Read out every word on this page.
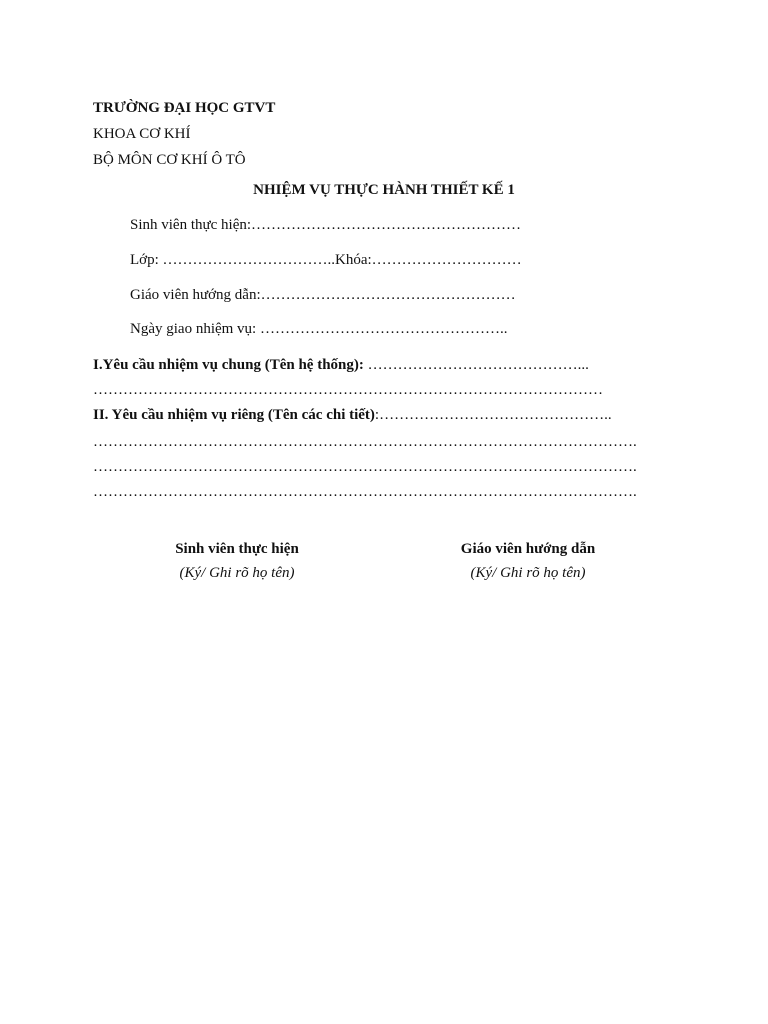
TRƯỜNG ĐẠI HỌC GTVT
KHOA CƠ KHÍ
BỘ MÔN CƠ KHÍ Ô TÔ
NHIỆM VỤ THỰC HÀNH THIẾT KẾ 1
Sinh viên thực hiện:………………………………………………
Lớp: ……………………………..Khóa:…………………………
Giáo viên hướng dẫn:……………………………………………
Ngày giao nhiệm vụ: …………………………………………..
I.Yêu cầu nhiệm vụ chung (Tên hệ thống): ……………………………………...
…………………………………………………………………………………………
II. Yêu cầu nhiệm vụ riêng (Tên các chi tiết):………………………………………..
……………………………………………………………………………………………….
……………………………………………………………………………………………….
……………………………………………………………………………………………….
Sinh viên thực hiện
(Ký/ Ghi rõ họ tên)
Giáo viên hướng dẫn
(Ký/ Ghi rõ họ tên)
